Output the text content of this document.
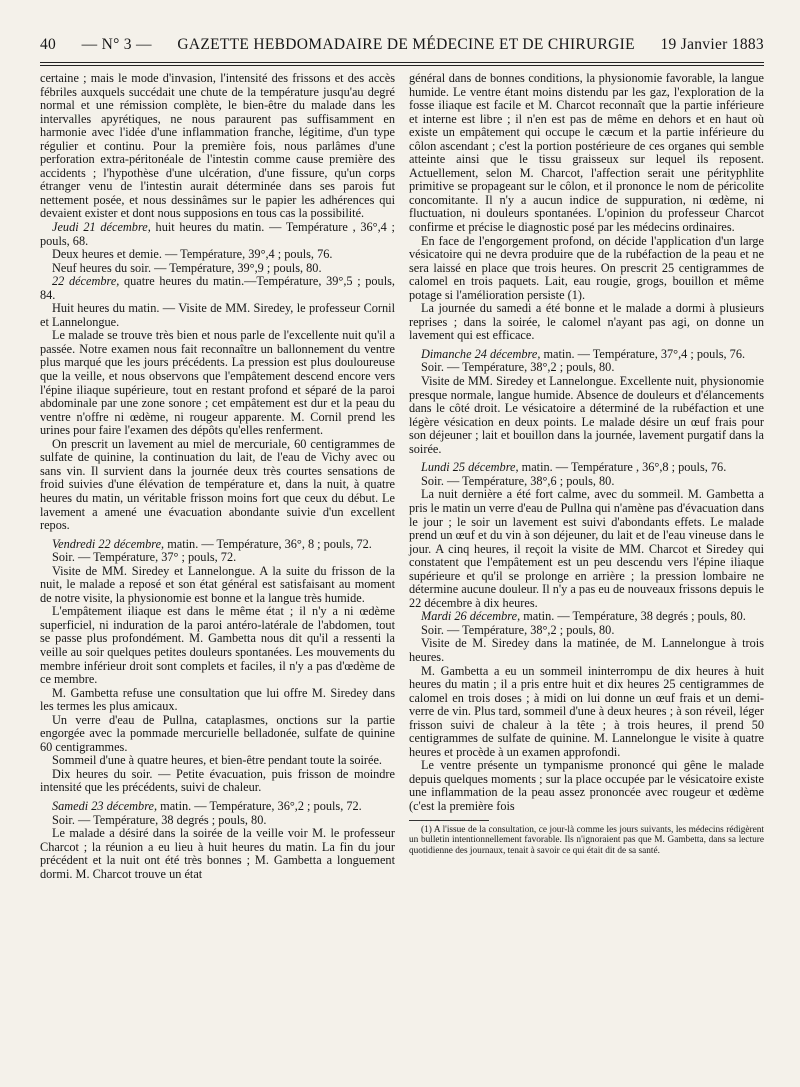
40 — N° 3 — GAZETTE HEBDOMADAIRE DE MÉDECINE ET DE CHIRURGIE 19 Janvier 1883

certaine ; mais le mode d'invasion, l'intensité des frissons et des accès fébriles auxquels succédait une chute de la température jusqu'au degré normal et une rémission complète, le bien-être du malade dans les intervalles apyrétiques, ne nous paraurent pas suffisamment en harmonie avec l'idée d'une inflammation franche, légitime, d'un type régulier et continu. Pour la première fois, nous parlâmes d'une perforation extra-péritonéale de l'intestin comme cause première des accidents ; l'hypothèse d'une ulcération, d'une fissure, qu'un corps étranger venu de l'intestin aurait déterminée dans ses parois fut nettement posée, et nous dessinâmes sur le papier les adhérences qui devaient exister et dont nous supposions en tous cas la possibilité.

Jeudi 21 décembre, huit heures du matin. — Température , 36°,4 ; pouls, 68.

Deux heures et demie. — Température, 39°,4 ; pouls, 76.

Neuf heures du soir. — Température, 39°,9 ; pouls, 80.

22 décembre, quatre heures du matin.—Température, 39°,5 ; pouls, 84.

Huit heures du matin. — Visite de MM. Siredey, le professeur Cornil et Lannelongue.

Le malade se trouve très bien et nous parle de l'excellente nuit qu'il a passée. Notre examen nous fait reconnaître un ballonnement du ventre plus marqué que les jours précédents. La pression est plus douloureuse que la veille, et nous observons que l'empâtement descend encore vers l'épine iliaque supérieure, tout en restant profond et séparé de la paroi abdominale par une zone sonore ; cet empâtement est dur et la peau du ventre n'offre ni œdème, ni rougeur apparente. M. Cornil prend les urines pour faire l'examen des dépôts qu'elles renferment.

On prescrit un lavement au miel de mercuriale, 60 centigrammes de sulfate de quinine, la continuation du lait, de l'eau de Vichy avec ou sans vin. Il survient dans la journée deux très courtes sensations de froid suivies d'une élévation de température et, dans la nuit, à quatre heures du matin, un véritable frisson moins fort que ceux du début. Le lavement a amené une évacuation abondante suivie d'un excellent repos.

Vendredi 22 décembre, matin. — Température, 36°, 8 ; pouls, 72.

Soir. — Température, 37° ; pouls, 72.

Visite de MM. Siredey et Lannelongue. A la suite du frisson de la nuit, le malade a reposé et son état général est satisfaisant au moment de notre visite, la physionomie est bonne et la langue très humide.

L'empâtement iliaque est dans le même état ; il n'y a ni œdème superficiel, ni induration de la paroi antéro-latérale de l'abdomen, tout se passe plus profondément. M. Gambetta nous dit qu'il a ressenti la veille au soir quelques petites douleurs spontanées. Les mouvements du membre inférieur droit sont complets et faciles, il n'y a pas d'œdème de ce membre.

M. Gambetta refuse une consultation que lui offre M. Siredey dans les termes les plus amicaux.

Un verre d'eau de Pullna, cataplasmes, onctions sur la partie engorgée avec la pommade mercurielle belladonée, sulfate de quinine 60 centigrammes.

Sommeil d'une à quatre heures, et bien-être pendant toute la soirée.

Dix heures du soir. — Petite évacuation, puis frisson de moindre intensité que les précédents, suivi de chaleur.

Samedi 23 décembre, matin. — Température, 36°,2 ; pouls, 72.

Soir. — Température, 38 degrés ; pouls, 80.

Le malade a désiré dans la soirée de la veille voir M. le professeur Charcot ; la réunion a eu lieu à huit heures du matin. La fin du jour précédent et la nuit ont été très bonnes ; M. Gambetta a longuement dormi. M. Charcot trouve un état

général dans de bonnes conditions, la physionomie favorable, la langue humide. Le ventre étant moins distendu par les gaz, l'exploration de la fosse iliaque est facile et M. Charcot reconnaît que la partie inférieure et interne est libre ; il n'en est pas de même en dehors et en haut où existe un empâtement qui occupe le cæcum et la partie inférieure du côlon ascendant ; c'est la portion postérieure de ces organes qui semble atteinte ainsi que le tissu graisseux sur lequel ils reposent. Actuellement, selon M. Charcot, l'affection serait une pérityphlite primitive se propageant sur le côlon, et il prononce le nom de péricolite concomitante. Il n'y a aucun indice de suppuration, ni œdème, ni fluctuation, ni douleurs spontanées. L'opinion du professeur Charcot confirme et précise le diagnostic posé par les médecins ordinaires.

En face de l'engorgement profond, on décide l'application d'un large vésicatoire qui ne devra produire que de la rubéfaction de la peau et ne sera laissé en place que trois heures. On prescrit 25 centigrammes de calomel en trois paquets. Lait, eau rougie, grogs, bouillon et même potage si l'amélioration persiste (1).

La journée du samedi a été bonne et le malade a dormi à plusieurs reprises ; dans la soirée, le calomel n'ayant pas agi, on donne un lavement qui est efficace.

Dimanche 24 décembre, matin. — Température, 37°,4 ; pouls, 76.

Soir. — Température, 38°,2 ; pouls, 80.

Visite de MM. Siredey et Lannelongue. Excellente nuit, physionomie presque normale, langue humide. Absence de douleurs et d'élancements dans le côté droit. Le vésicatoire a déterminé de la rubéfaction et une légère vésication en deux points. Le malade désire un œuf frais pour son déjeuner ; lait et bouillon dans la journée, lavement purgatif dans la soirée.

Lundi 25 décembre, matin. — Température , 36°,8 ; pouls, 76.

Soir. — Température, 38°,6 ; pouls, 80.

La nuit dernière a été fort calme, avec du sommeil. M. Gambetta a pris le matin un verre d'eau de Pullna qui n'amène pas d'évacuation dans le jour ; le soir un lavement est suivi d'abondants effets. Le malade prend un œuf et du vin à son déjeuner, du lait et de l'eau vineuse dans le jour. A cinq heures, il reçoit la visite de MM. Charcot et Siredey qui constatent que l'empâtement est un peu descendu vers l'épine iliaque supérieure et qu'il se prolonge en arrière ; la pression lombaire ne détermine aucune douleur. Il n'y a pas eu de nouveaux frissons depuis le 22 décembre à dix heures.

Mardi 26 décembre, matin. — Température, 38 degrés ; pouls, 80.

Soir. — Température, 38°,2 ; pouls, 80.

Visite de M. Siredey dans la matinée, de M. Lannelongue à trois heures.

M. Gambetta a eu un sommeil ininterrompu de dix heures à huit heures du matin ; il a pris entre huit et dix heures 25 centigrammes de calomel en trois doses ; à midi on lui donne un œuf frais et un demi-verre de vin. Plus tard, sommeil d'une à deux heures ; à son réveil, léger frisson suivi de chaleur à la tête ; à trois heures, il prend 50 centigrammes de sulfate de quinine. M. Lannelongue le visite à quatre heures et procède à un examen approfondi.

Le ventre présente un tympanisme prononcé qui gêne le malade depuis quelques moments ; sur la place occupée par le vésicatoire existe une inflammation de la peau assez prononcée avec rougeur et œdème (c'est la première fois

(1) A l'issue de la consultation, ce jour-là comme les jours suivants, les médecins rédigèrent un bulletin intentionnellement favorable. Ils n'ignoraient pas que M. Gambetta, dans sa lecture quotidienne des journaux, tenait à savoir ce qui était dit de sa santé.
